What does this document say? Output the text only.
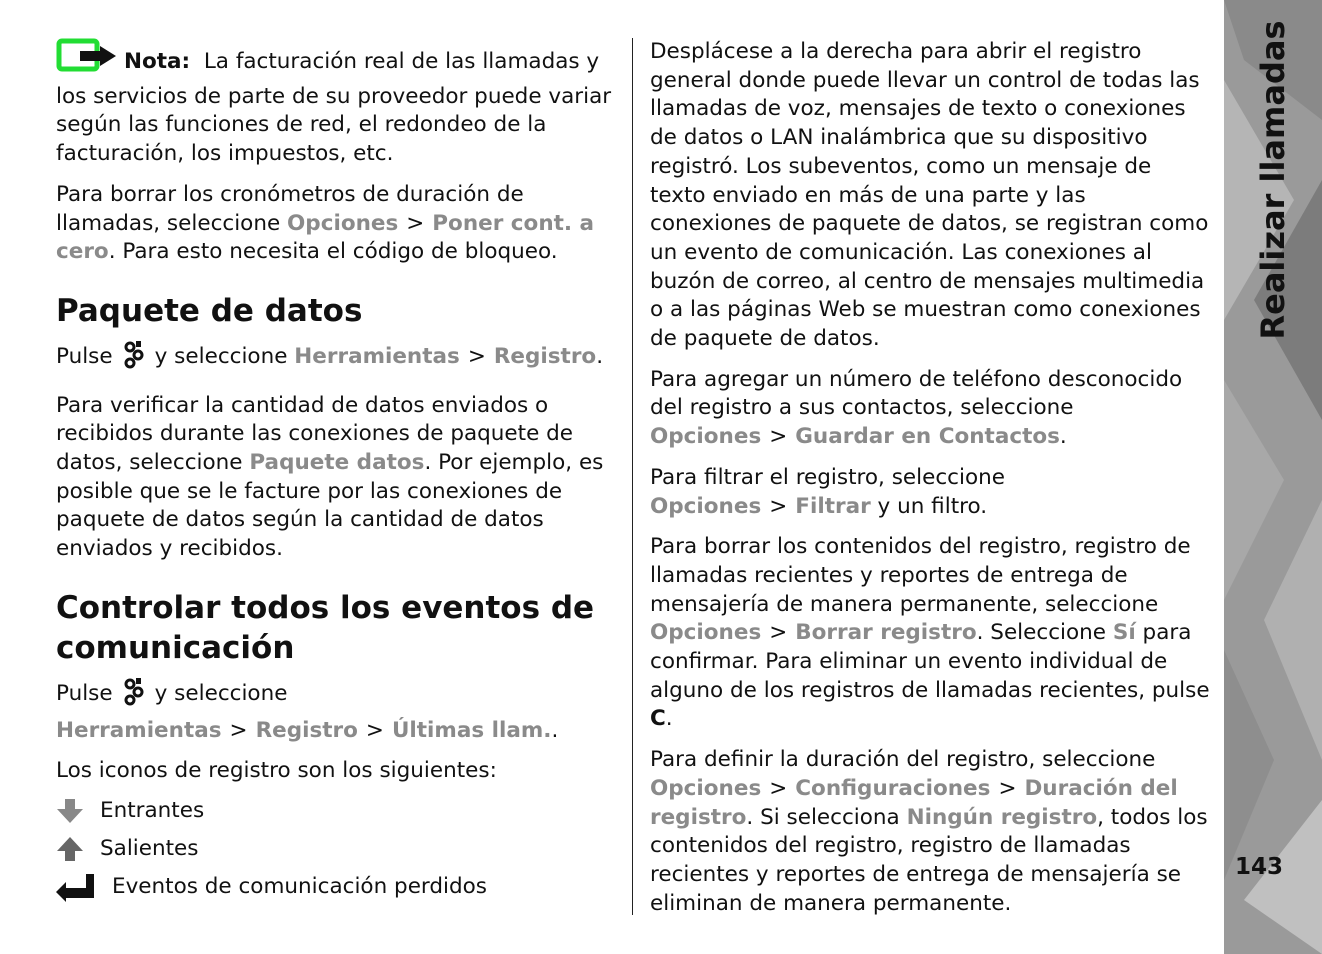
Nota: La facturación real de las llamadas y los servicios de parte de su proveedor puede variar según las funciones de red, el redondeo de la facturación, los impuestos, etc.

Para borrar los cronómetros de duración de llamadas, seleccione Opciones > Poner cont. a cero. Para esto necesita el código de bloqueo.

Paquete de datos

Pulse y seleccione Herramientas > Registro.

Para verificar la cantidad de datos enviados o recibidos durante las conexiones de paquete de datos, seleccione Paquete datos. Por ejemplo, es posible que se le facture por las conexiones de paquete de datos según la cantidad de datos enviados y recibidos.

Controlar todos los eventos de comunicación

Pulse y seleccione Herramientas > Registro > Últimas llam..

Los iconos de registro son los siguientes:

Entrantes
Salientes
Eventos de comunicación perdidos

Desplácese a la derecha para abrir el registro general donde puede llevar un control de todas las llamadas de voz, mensajes de texto o conexiones de datos o LAN inalámbrica que su dispositivo registró. Los subeventos, como un mensaje de texto enviado en más de una parte y las conexiones de paquete de datos, se registran como un evento de comunicación. Las conexiones al buzón de correo, al centro de mensajes multimedia o a las páginas Web se muestran como conexiones de paquete de datos.

Para agregar un número de teléfono desconocido del registro a sus contactos, seleccione Opciones > Guardar en Contactos.

Para filtrar el registro, seleccione Opciones > Filtrar y un filtro.

Para borrar los contenidos del registro, registro de llamadas recientes y reportes de entrega de mensajería de manera permanente, seleccione Opciones > Borrar registro. Seleccione Sí para confirmar. Para eliminar un evento individual de alguno de los registros de llamadas recientes, pulse C.

Para definir la duración del registro, seleccione Opciones > Configuraciones > Duración del registro. Si selecciona Ningún registro, todos los contenidos del registro, registro de llamadas recientes y reportes de entrega de mensajería se eliminan de manera permanente.

Realizar llamadas
143
